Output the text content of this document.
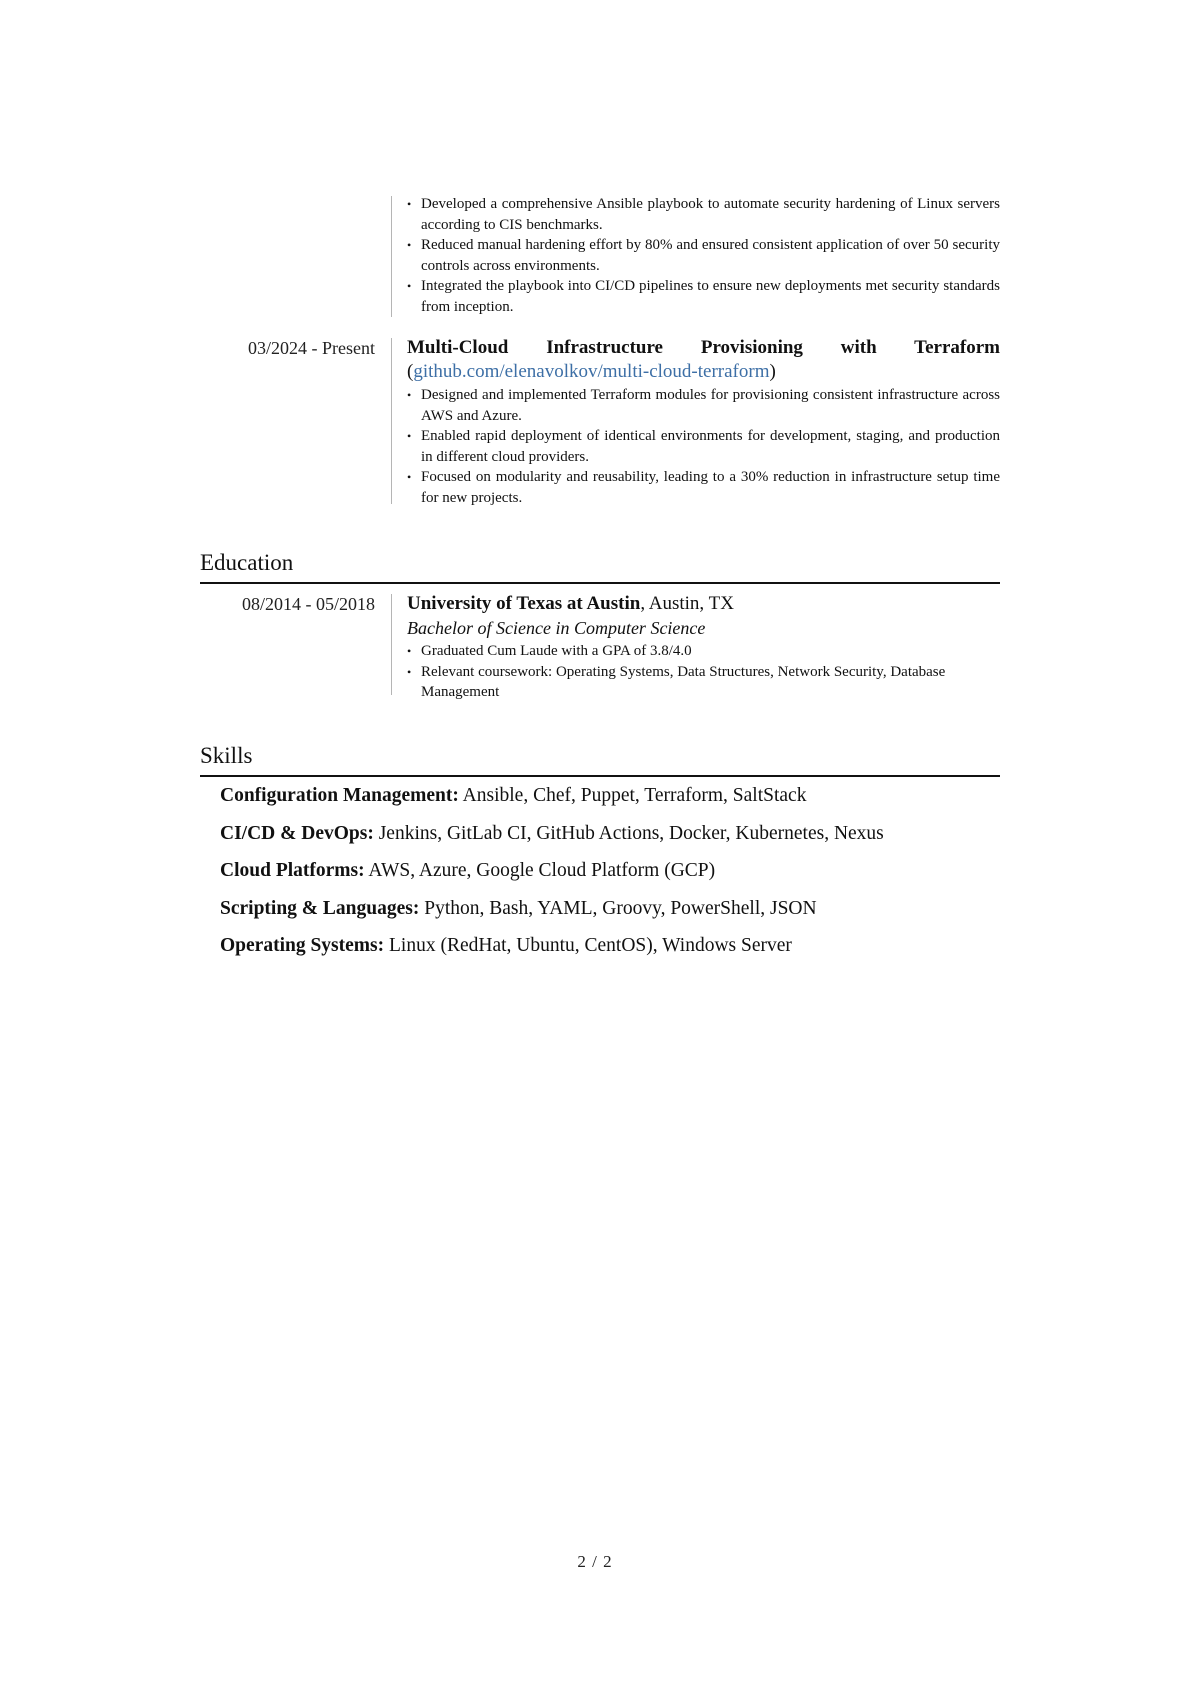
• Developed a comprehensive Ansible playbook to automate security hardening of Linux servers according to CIS benchmarks.
• Reduced manual hardening effort by 80% and ensured consistent application of over 50 security controls across environments.
• Integrated the playbook into CI/CD pipelines to ensure new deployments met security standards from inception.
03/2024 - Present Multi-Cloud Infrastructure Provisioning with Terraform
(github.com/elenavolkov/multi-cloud-terraform)
• Designed and implemented Terraform modules for provisioning consistent infrastructure across AWS and Azure.
• Enabled rapid deployment of identical environments for development, staging, and production in different cloud providers.
• Focused on modularity and reusability, leading to a 30% reduction in infrastructure setup time for new projects.
Education
08/2014 - 05/2018 University of Texas at Austin, Austin, TX
Bachelor of Science in Computer Science
• Graduated Cum Laude with a GPA of 3.8/4.0
• Relevant coursework: Operating Systems, Data Structures, Network Security, Database Management
Skills
Configuration Management: Ansible, Chef, Puppet, Terraform, SaltStack
CI/CD & DevOps: Jenkins, GitLab CI, GitHub Actions, Docker, Kubernetes, Nexus
Cloud Platforms: AWS, Azure, Google Cloud Platform (GCP)
Scripting & Languages: Python, Bash, YAML, Groovy, PowerShell, JSON
Operating Systems: Linux (RedHat, Ubuntu, CentOS), Windows Server
2 / 2
